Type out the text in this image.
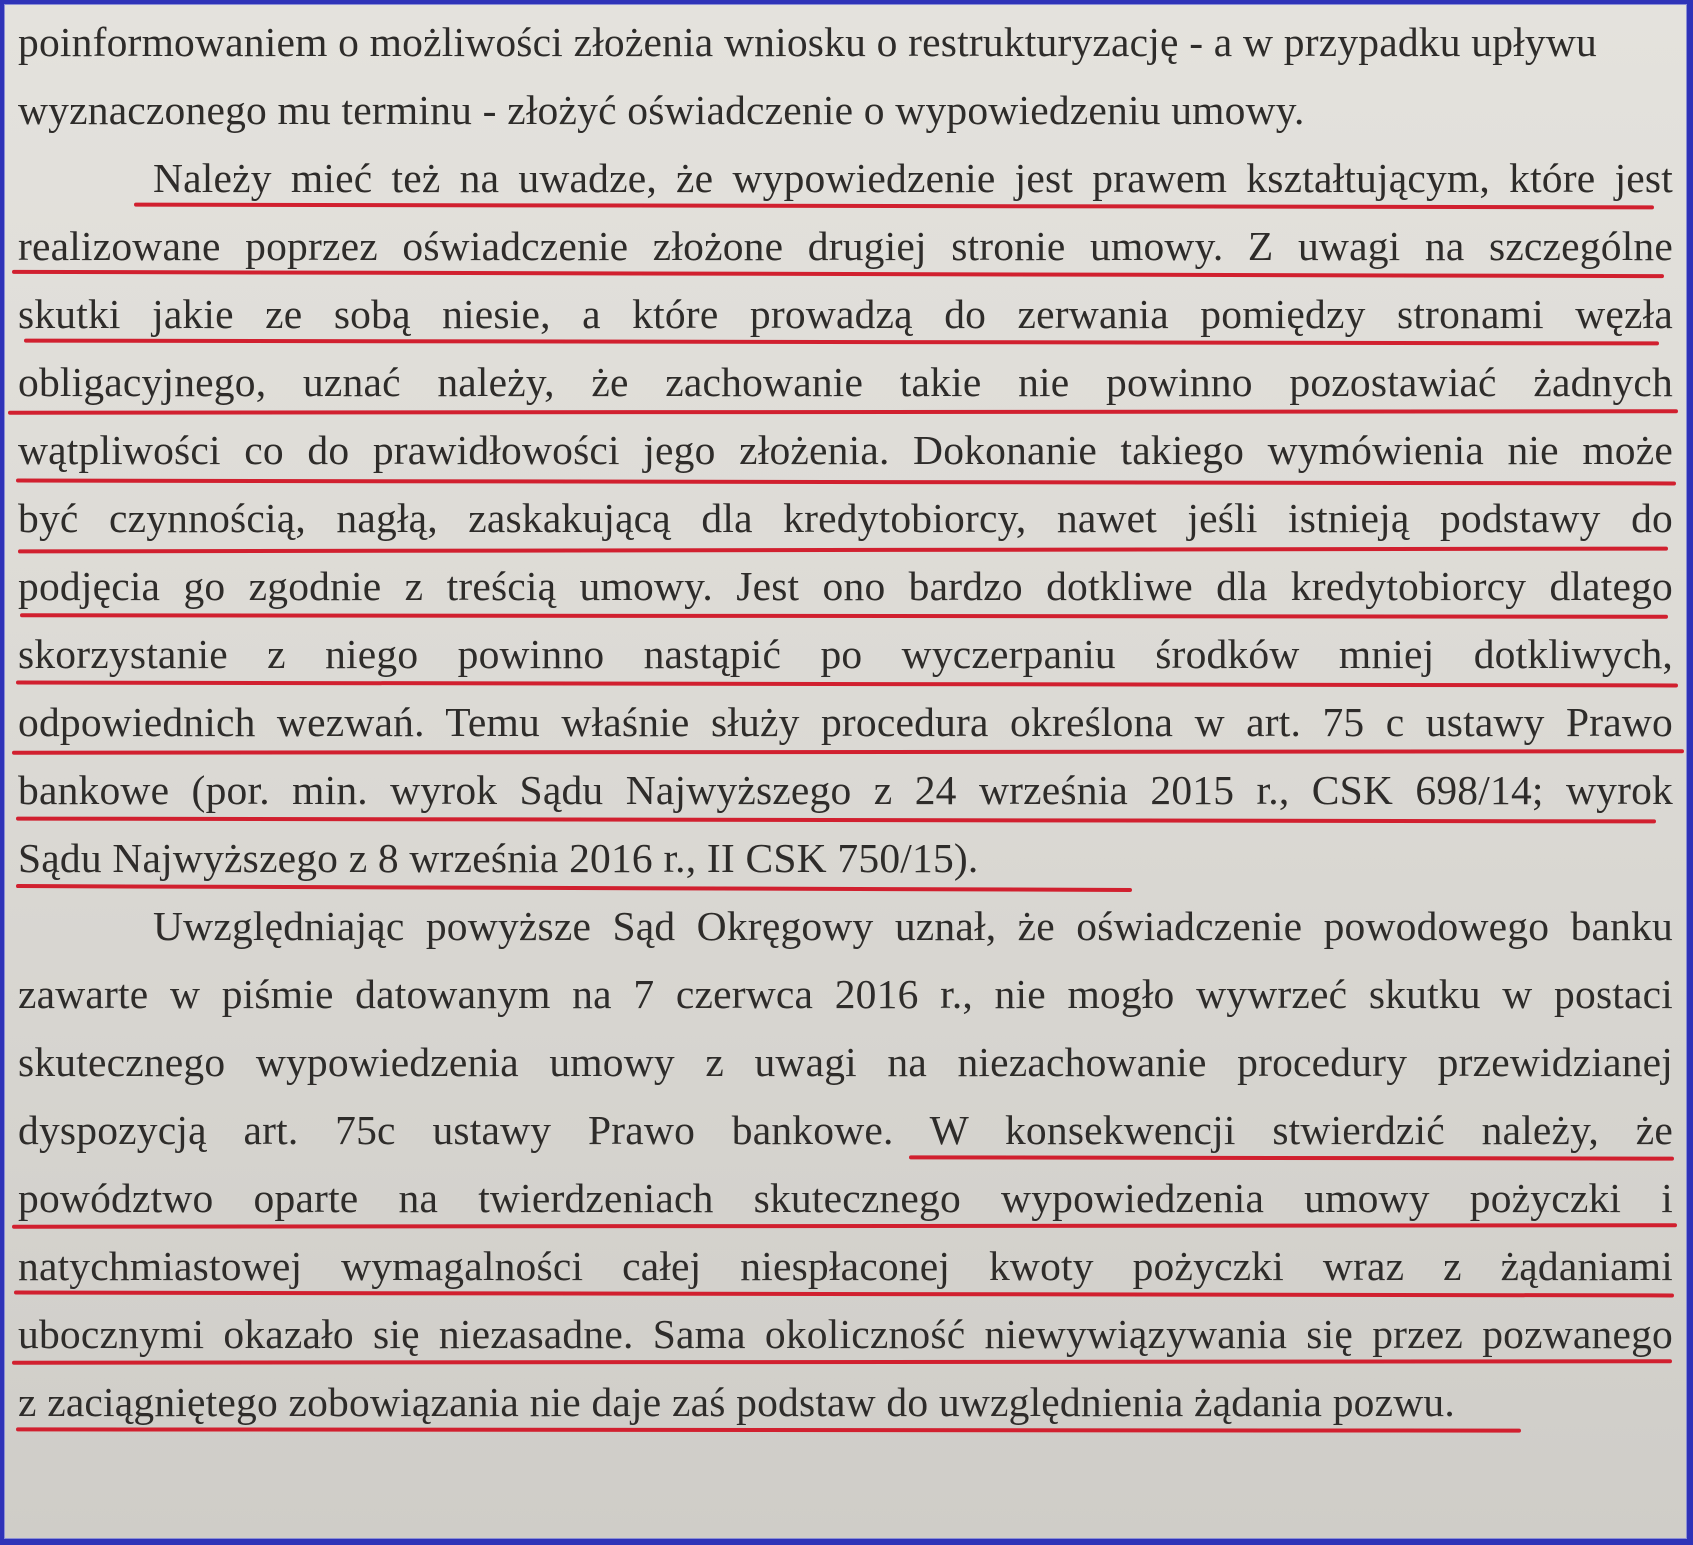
poinformowaniem o możliwości złożenia wniosku o restrukturyzację - a w przypadku upływu
wyznaczonego mu terminu - złożyć oświadczenie o wypowiedzeniu umowy.
Należy mieć też na uwadze, że wypowiedzenie jest prawem kształtującym, które jest
realizowane poprzez oświadczenie złożone drugiej stronie umowy. Z uwagi na szczególne
skutki jakie ze sobą niesie, a które prowadzą do zerwania pomiędzy stronami węzła
obligacyjnego, uznać należy, że zachowanie takie nie powinno pozostawiać żadnych
wątpliwości co do prawidłowości jego złożenia. Dokonanie takiego wymówienia nie może
być czynnością, nagłą, zaskakującą dla kredytobiorcy, nawet jeśli istnieją podstawy do
podjęcia go zgodnie z treścią umowy. Jest ono bardzo dotkliwe dla kredytobiorcy dlatego
skorzystanie z niego powinno nastąpić po wyczerpaniu środków mniej dotkliwych,
odpowiednich wezwań. Temu właśnie służy procedura określona w art. 75 c ustawy Prawo
bankowe (por. min. wyrok Sądu Najwyższego z 24 września 2015 r., CSK 698/14; wyrok
Sądu Najwyższego z 8 września 2016 r., II CSK 750/15).
Uwzględniając powyższe Sąd Okręgowy uznał, że oświadczenie powodowego banku
zawarte w piśmie datowanym na 7 czerwca 2016 r., nie mogło wywrzeć skutku w postaci
skutecznego wypowiedzenia umowy z uwagi na niezachowanie procedury przewidzianej
dyspozycją art. 75c ustawy Prawo bankowe. W konsekwencji stwierdzić należy, że
powództwo oparte na twierdzeniach skutecznego wypowiedzenia umowy pożyczki i
natychmiastowej wymagalności całej niespłaconej kwoty pożyczki wraz z żądaniami
ubocznymi okazało się niezasadne. Sama okoliczność niewywiązywania się przez pozwanego
z zaciągniętego zobowiązania nie daje zaś podstaw do uwzględnienia żądania pozwu.
